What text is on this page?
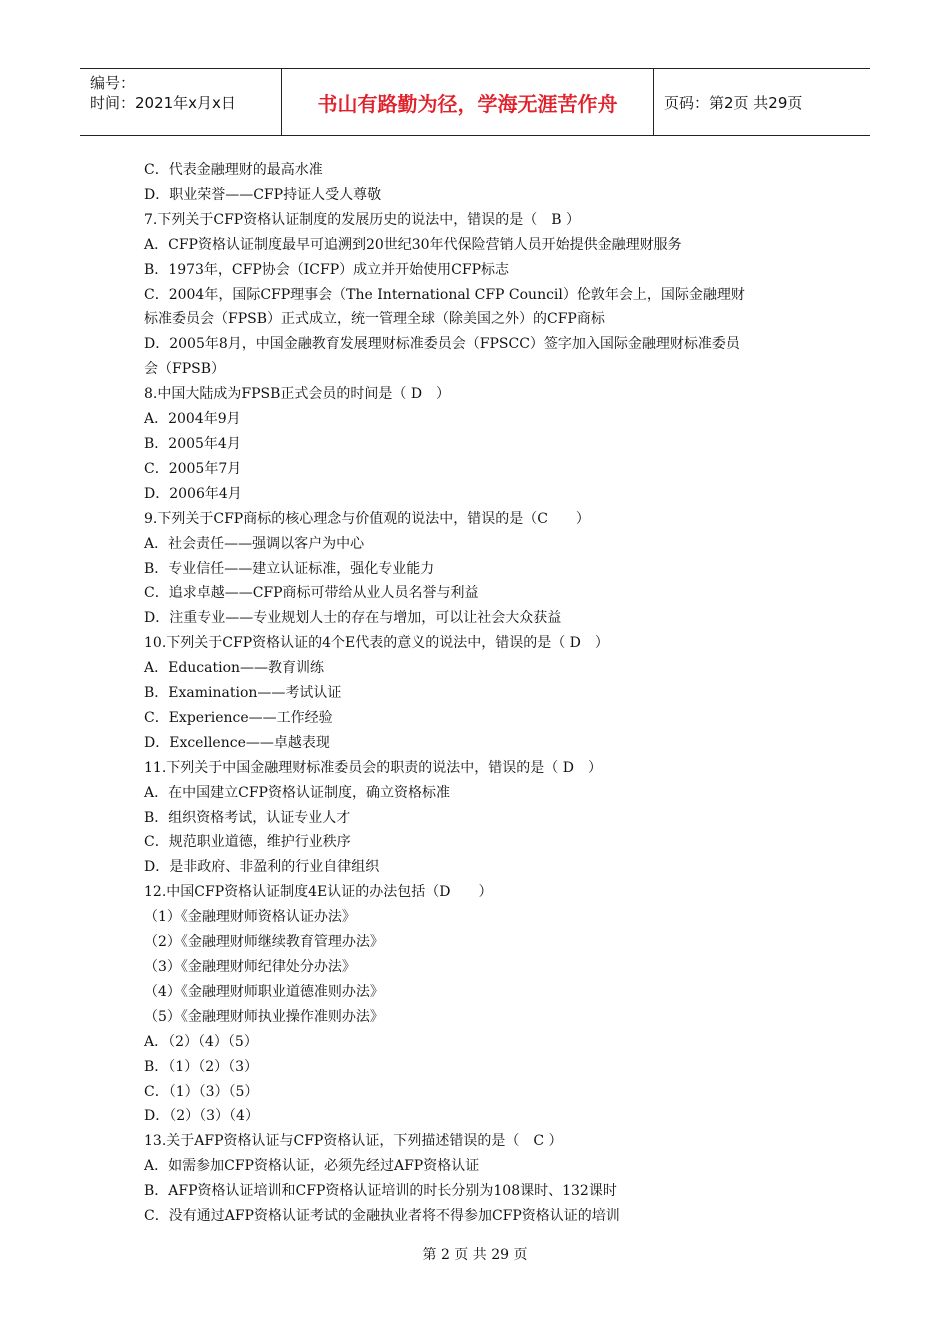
编号：
时间：2021年x月x日	书山有路勤为径，学海无涯苦作舟	页码：第2页 共29页
C．代表金融理财的最高水准
D．职业荣誉——CFP持证人受人尊敬
7.下列关于CFP资格认证制度的发展历史的说法中，错误的是（　B ）
A．CFP资格认证制度最早可追溯到20世纪30年代保险营销人员开始提供金融理财服务
B．1973年，CFP协会（ICFP）成立并开始使用CFP标志
C．2004年，国际CFP理事会（The International CFP Council）伦敦年会上，国际金融理财
标准委员会（FPSB）正式成立，统一管理全球（除美国之外）的CFP商标
D．2005年8月，中国金融教育发展理财标准委员会（FPSCC）签字加入国际金融理财标准委员
会（FPSB）
8.中国大陆成为FPSB正式会员的时间是（ D　）
A．2004年9月
B．2005年4月
C．2005年7月
D．2006年4月
9.下列关于CFP商标的核心理念与价值观的说法中，错误的是（C　　）
A．社会责任——强调以客户为中心
B．专业信任——建立认证标准，强化专业能力
C．追求卓越——CFP商标可带给从业人员名誉与利益
D．注重专业——专业规划人士的存在与增加，可以让社会大众获益
10.下列关于CFP资格认证的4个E代表的意义的说法中，错误的是（ D　）
A．Education——教育训练
B．Examination——考试认证
C．Experience——工作经验
D．Excellence——卓越表现
11.下列关于中国金融理财标准委员会的职责的说法中，错误的是（ D　）
A．在中国建立CFP资格认证制度，确立资格标准
B．组织资格考试，认证专业人才
C．规范职业道德，维护行业秩序
D．是非政府、非盈利的行业自律组织
12.中国CFP资格认证制度4E认证的办法包括（D　　）
（1）《金融理财师资格认证办法》
（2）《金融理财师继续教育管理办法》
（3）《金融理财师纪律处分办法》
（4）《金融理财师职业道德准则办法》
（5）《金融理财师执业操作准则办法》
A．（2）（4）（5）
B．（1）（2）（3）
C．（1）（3）（5）
D．（2）（3）（4）
13.关于AFP资格认证与CFP资格认证，下列描述错误的是（　C ）
A．如需参加CFP资格认证，必须先经过AFP资格认证
B．AFP资格认证培训和CFP资格认证培训的时长分别为108课时、132课时
C．没有通过AFP资格认证考试的金融执业者将不得参加CFP资格认证的培训
第 2 页 共 29 页
